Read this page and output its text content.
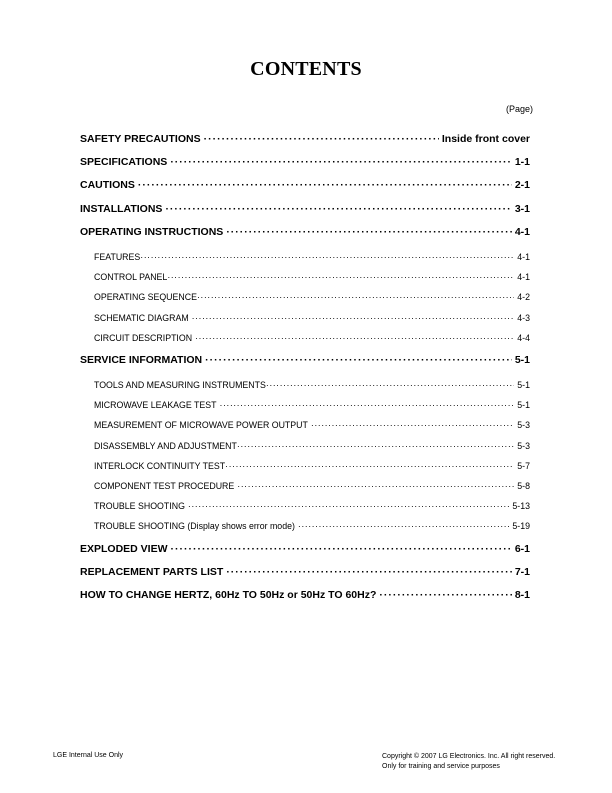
CONTENTS
(Page)
SAFETY PRECAUTIONS ·····	Inside front cover
SPECIFICATIONS ·····	1-1
CAUTIONS ·····	2-1
INSTALLATIONS ·····	3-1
OPERATING INSTRUCTIONS ·····	4-1
FEATURES ·····	4-1
CONTROL PANEL ·····	4-1
OPERATING SEQUENCE ·····	4-2
SCHEMATIC DIAGRAM ·····	4-3
CIRCUIT DESCRIPTION ·····	4-4
SERVICE INFORMATION ·····	5-1
TOOLS AND MEASURING INSTRUMENTS ·····	5-1
MICROWAVE LEAKAGE TEST ·····	5-1
MEASUREMENT OF MICROWAVE POWER OUTPUT ·····	5-3
DISASSEMBLY AND ADJUSTMENT ·····	5-3
INTERLOCK CONTINUITY TEST ·····	5-7
COMPONENT TEST PROCEDURE ·····	5-8
TROUBLE SHOOTING ·····	5-13
TROUBLE SHOOTING (Display shows error mode) ·····	5-19
EXPLODED VIEW ·····	6-1
REPLACEMENT PARTS LIST ·····	7-1
HOW TO CHANGE HERTZ, 60Hz TO 50Hz or 50Hz TO 60Hz? ·····	8-1
LGE Internal Use Only	Copyright © 2007 LG Electronics. Inc. All right reserved.
Only for training and service purposes
